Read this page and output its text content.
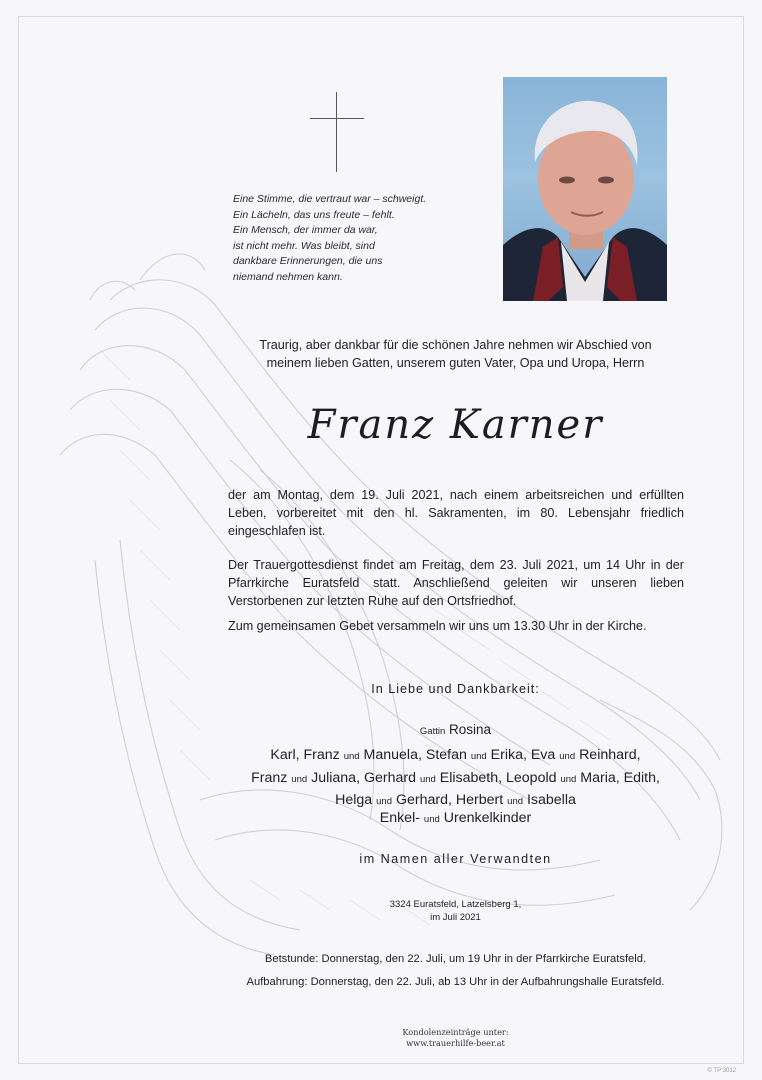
Eine Stimme, die vertraut war – schweigt.
Ein Lächeln, das uns freute – fehlt.
Ein Mensch, der immer da war,
ist nicht mehr. Was bleibt, sind
dankbare Erinnerungen, die uns
niemand nehmen kann.
Traurig, aber dankbar für die schönen Jahre nehmen wir Abschied von
meinem lieben Gatten, unserem guten Vater, Opa und Uropa, Herrn
Franz Karner
der am Montag, dem 19. Juli 2021, nach einem arbeitsreichen und erfüllten Leben, vorbereitet mit den hl. Sakramenten, im 80. Lebensjahr friedlich eingeschlafen ist.
Der Trauergottesdienst findet am Freitag, dem 23. Juli 2021, um 14 Uhr in der Pfarrkirche Euratsfeld statt. Anschließend geleiten wir unseren lieben Verstorbenen zur letzten Ruhe auf den Ortsfriedhof.
Zum gemeinsamen Gebet versammeln wir uns um 13.30 Uhr in der Kirche.
In Liebe und Dankbarkeit:
Gattin Rosina
Karl, Franz und Manuela, Stefan und Erika, Eva und Reinhard,
Franz und Juliana, Gerhard und Elisabeth, Leopold und Maria, Edith,
Helga und Gerhard, Herbert und Isabella
Enkel- und Urenkelkinder
im Namen aller Verwandten
3324 Euratsfeld, Latzelsberg 1,
im Juli 2021
Betstunde: Donnerstag, den 22. Juli, um 19 Uhr in der Pfarrkirche Euratsfeld.
Aufbahrung: Donnerstag, den 22. Juli, ab 13 Uhr in der Aufbahrungshalle Euratsfeld.
Kondolenzeinträge unter:
www.trauerhilfe-beer.at
© TP 3012
